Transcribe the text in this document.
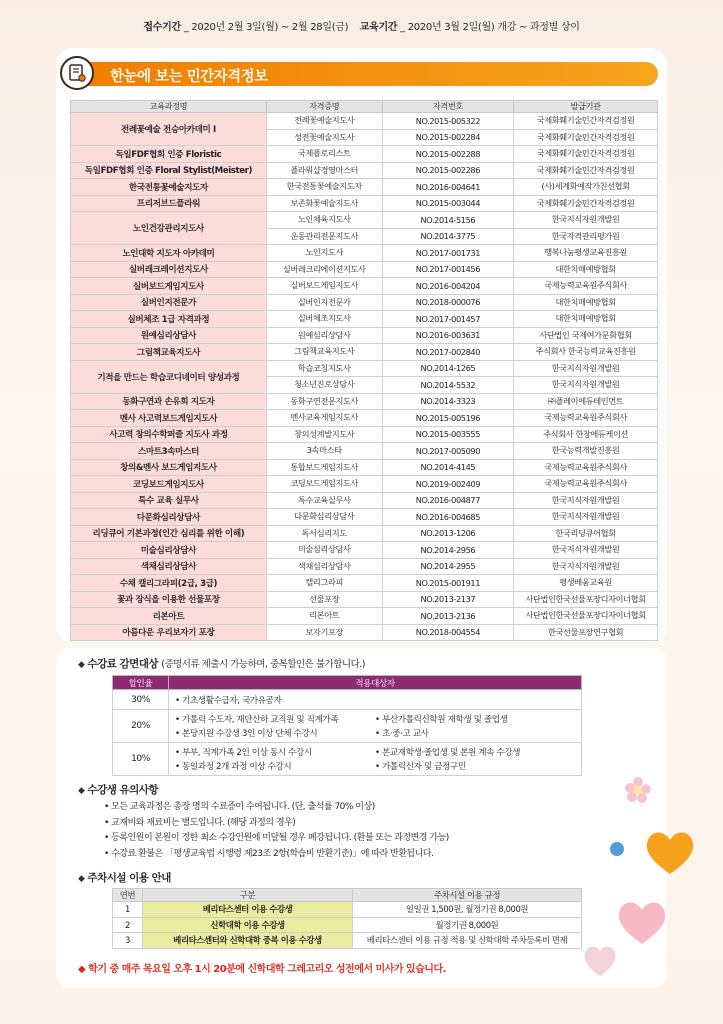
접수기간 _ 2020년 2월 3일(월) ~ 2월 28일(금) 교육기간 _ 2020년 3월 2일(월) 개강 ~ 과정별 상이
한눈에 보는 민간자격정보
교육과정명	자격증명	자격번호	발급기관
전례꽃예술 전승아카데미 Ⅰ	전례꽃예술지도사	NO.2015-005322	국제화훼기술민간자격검정원
	성전꽃예술지도사	NO.2015-002284	국제화훼기술민간자격검정원
독일FDF협회 인증 Floristic	국제플로리스트	NO.2015-002288	국제화훼기술민간자격검정원
독일FDF협회 인증 Floral Stylist(Meister)	플라워샵경영마스터	NO.2015-002286	국제화훼기술민간자격검정원
한국전통꽃예술지도자	한국전통꽃예술지도자	NO.2016-004641	(사)세계화예작가친선협회
프리저브드플라워	보존화꽃예술지도사	NO.2015-003044	국제화훼기술민간자격검정원
노인건강관리지도사	노인체육지도사	NO.2014-5156	한국지식자원개발원
	운동관리전문지도사	NO.2014-3775	한국자격관리평가원
노인대학 지도자 아카데미	노인지도사	NO.2017-001731	행복나눔평생교육진흥원
실버레크레이션지도사	실버레크리에이션지도사	NO.2017-001456	대한치매예방협회
실버보드게임지도사	실버보드게임지도사	NO.2016-004204	국제능력교육원주식회사
실버인지전문가	실버인지전문가	NO.2018-000076	대한치매예방협회
실버체조 1급 자격과정	실버체조지도사	NO.2017-001457	대한치매예방협회
원예심리상담사	원예심리상담사	NO.2016-003631	사단법인 국제여가문화협회
그림책교육지도사	그림책교육지도사	NO.2017-002840	주식회사 한국능력교육진흥원
기적을 만드는 학습코디네이터 양성과정	학습코칭지도사	NO.2014-1265	한국지식자원개발원
	청소년진로상담사	NO.2014-5532	한국지식자원개발원
동화구연과 손유희 지도자	동화구연전문지도사	NO.2014-3323	㈜플레이에듀테인먼트
멘사 사고력보드게임지도사	멘사교육게임지도사	NO.2015-005196	국제능력교육원주식회사
사고력 창의수학퍼즐 지도사 과정	창의성계발지도사	NO.2015-003555	주식회사 한창에듀케이션
스마트3속마스터	3속마스타	NO.2017-005090	한국능력개발진흥원
창의&멘사 보드게임지도사	통합보드게임지도사	NO.2014-4145	국제능력교육원주식회사
코딩보드게임지도사	코딩보드게임지도사	NO.2019-002409	국제능력교육원주식회사
특수 교육 실무사	특수교육실무사	NO.2016-004877	한국지식자원개발원
다문화심리상담사	다문화심리상담사	NO.2016-004685	한국지식자원개발원
리딩큐어 기본과정(인간 심리를 위한 이해)	독서심리지도	NO.2013-1206	한국리딩큐어협회
미술심리상담사	미술심리상담사	NO.2014-2956	한국지식자원개발원
색채심리상담사	색채심리상담사	NO.2014-2955	한국지식자원개발원
수채 캘리그라피(2급, 3급)	캘리그라피	NO.2015-001911	평생배움교육원
꽃과 장식을 이용한 선물포장	선물포장	NO.2013-2137	사단법인한국선물포장디자이너협회
리본아트	리본아트	NO.2013-2136	사단법인한국선물포장디자이너협회
아름다운 우리보자기 포장	보자기포장	NO.2018-004554	한국선물포장연구협회
◆ 수강료 감면대상 (증명서류 제출시 가능하며, 중복할인은 불가합니다.)
할인율	적용대상자
30%	• 기초생활수급자, 국가유공자

20%	• 가톨릭 수도자, 재단산하 교직원 및 직계가족 • 부산가톨릭신학원 재학생 및 졸업생
• 본당지원 수강생 3인 이상 단체 수강시 • 초·중·고 교사

10%	• 부부, 직계가족 2인 이상 동시 수강시 • 본교재학생·졸업생 및 본원 계속 수강생
• 동일과정 2개 과정 이상 수강시 • 가톨릭신자 및 금정구민
◆ 수강생 유의사항
• 모든 교육과정은 총장 명의 수료증이 수여됩니다. (단, 출석률 70% 이상)
• 교재비와 재료비는 별도입니다. (해당 과정의 경우)
• 등록인원이 본원이 정한 최소 수강인원에 미달될 경우 폐강됩니다. (환불 또는 과정변경 가능)
• 수강료 환불은 「평생교육법 시행령 제23조 2항(학습비 반환기준)」에 따라 반환됩니다.
◆ 주차시설 이용 안내
연번	구분	주차시설 이용 규정
1	베리타스센터 이용 수강생	일일권 1,500원, 월정기권 8,000원
2	신학대학 이용 수강생	월정기권 8,000원
3	베리타스센터와 신학대학 중복 이용 수강생	베리타스센터 이용 규정 적용 및 신학대학 주차등록비 면제
◆ 학기 중 매주 목요일 오후 1시 20분에 신학대학 그레고리오 성전에서 미사가 있습니다.
